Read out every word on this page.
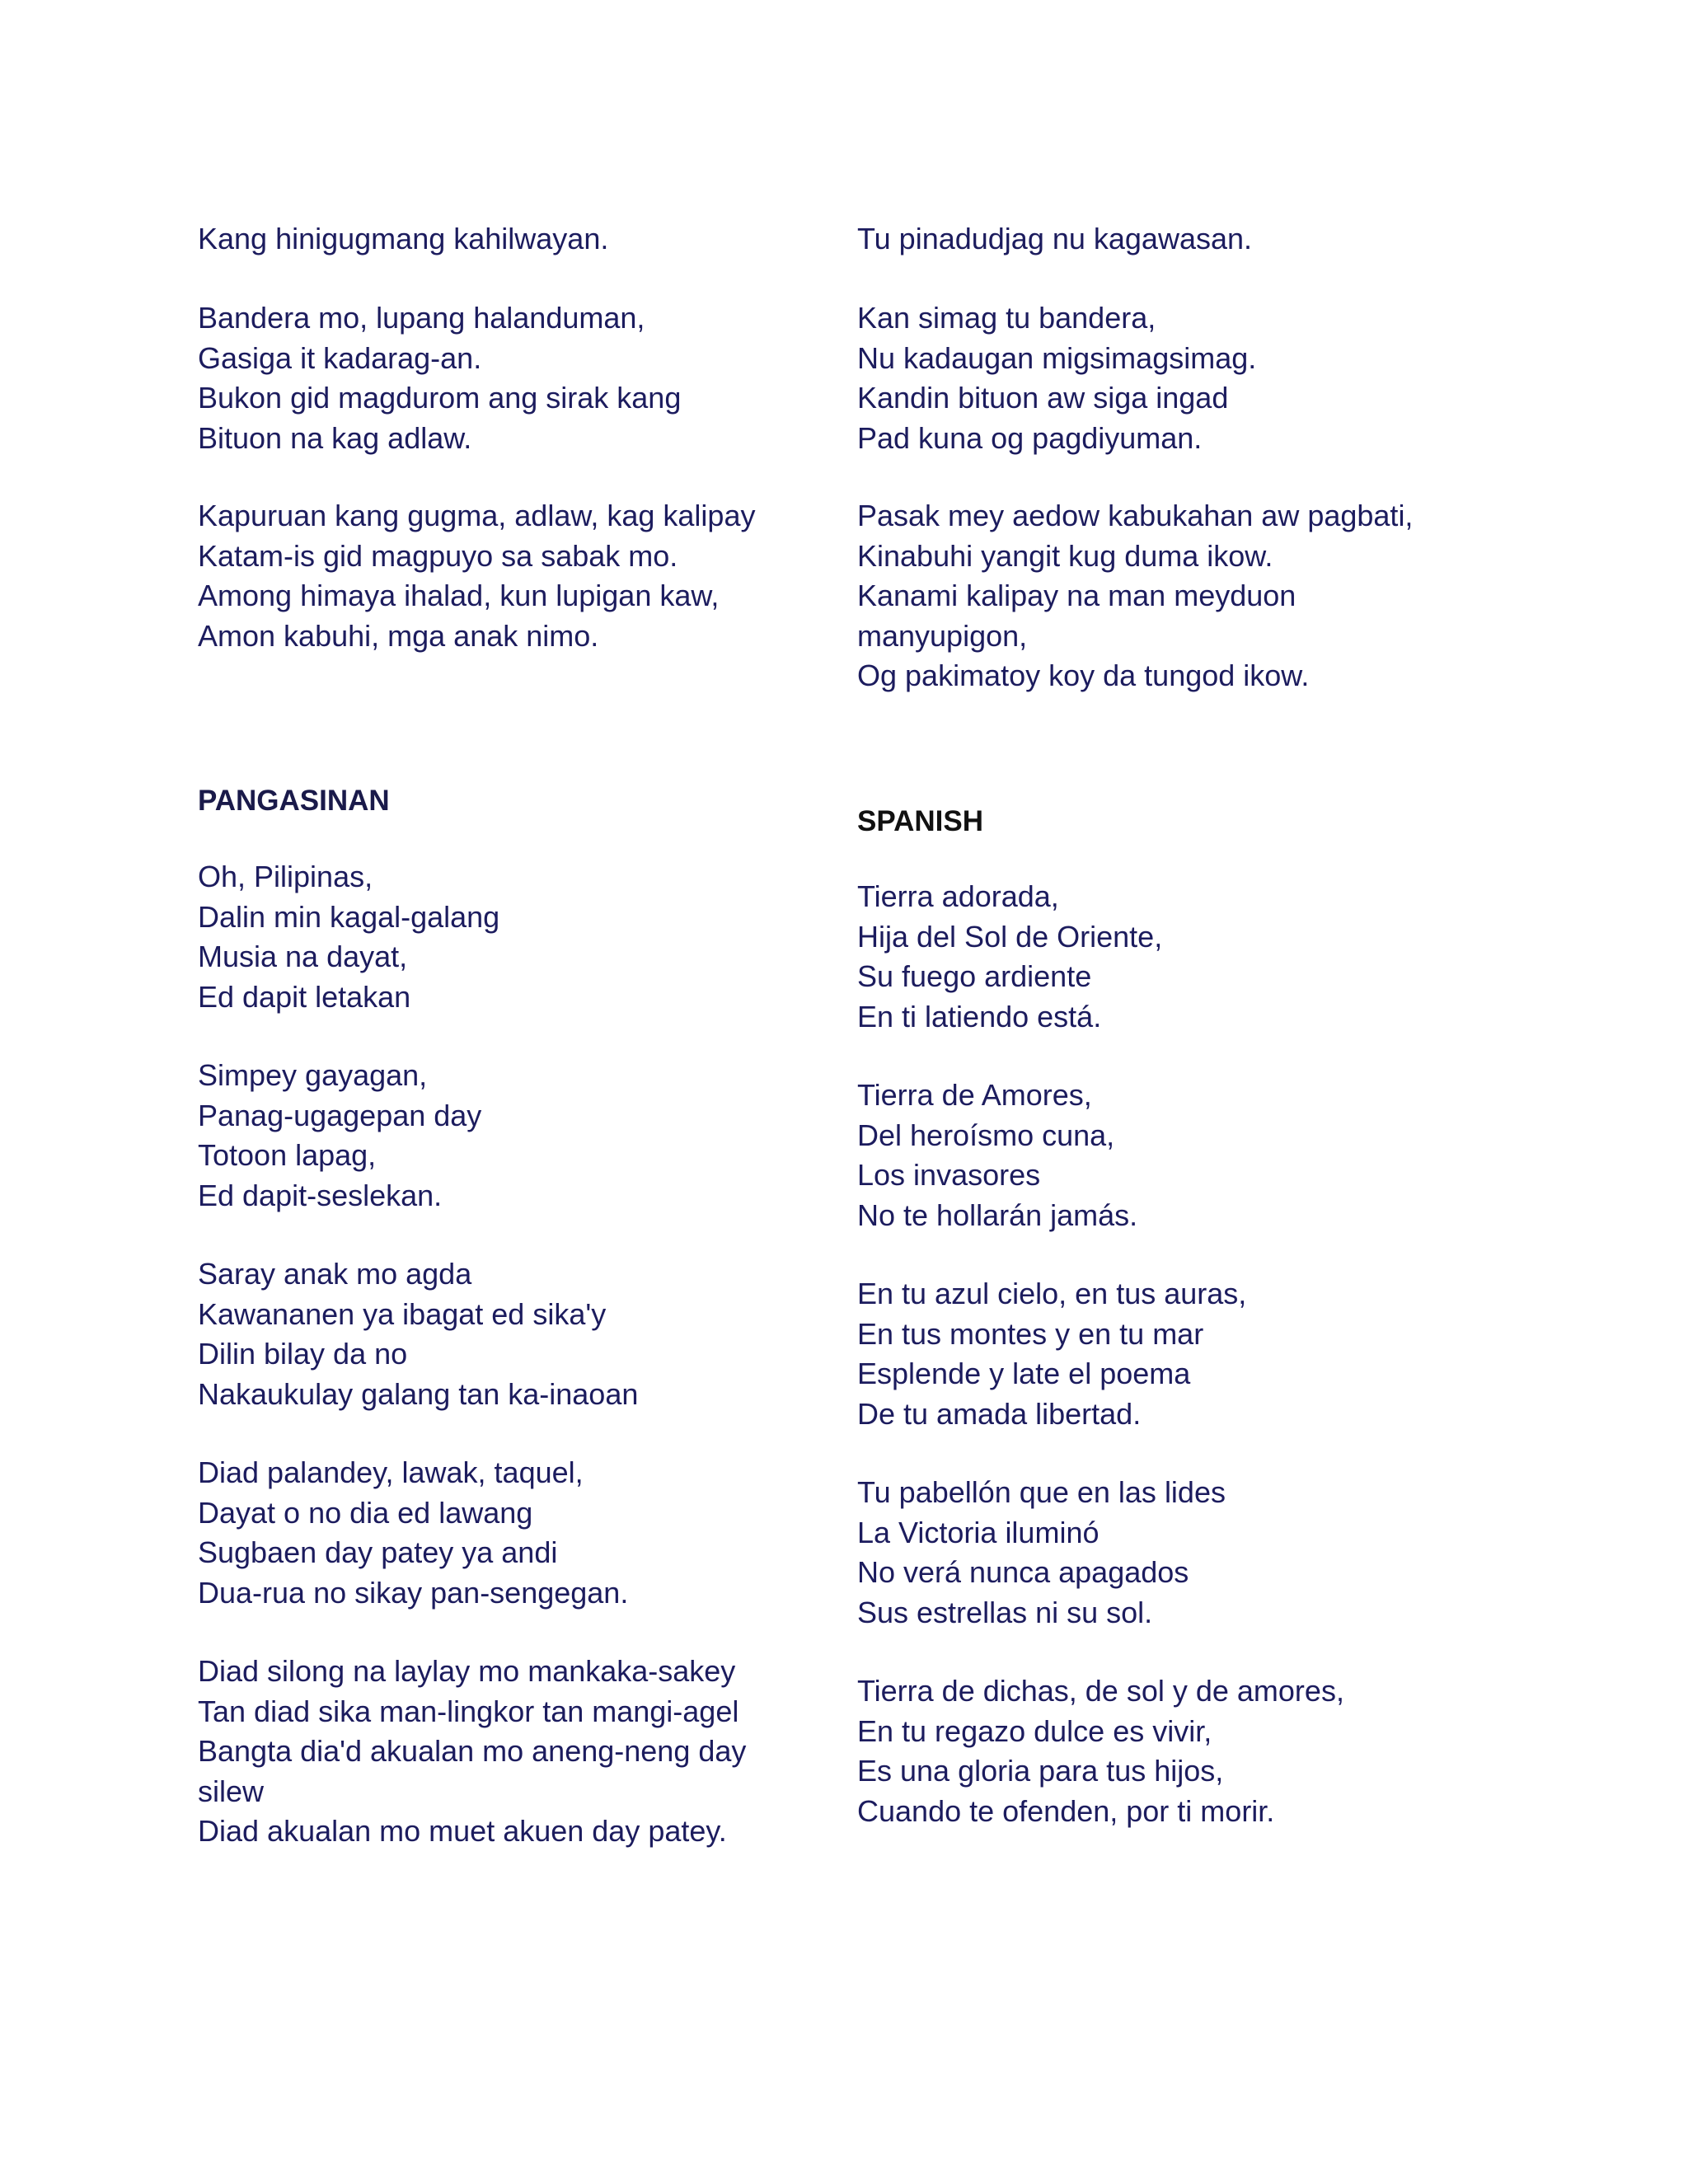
Kang hinigugmang kahilwayan.
Bandera mo, lupang halanduman,
Gasiga it kadarag-an.
Bukon gid magdurom ang sirak kang
Bituon na kag adlaw.
Kapuruan kang gugma, adlaw, kag kalipay
Katam-is gid magpuyo sa sabak mo.
Among himaya ihalad, kun lupigan kaw,
Amon kabuhi, mga anak nimo.
PANGASINAN
Oh, Pilipinas,
Dalin min kagal-galang
Musia na dayat,
Ed dapit letakan
Simpey gayagan,
Panag-ugagepan day
Totoon lapag,
Ed dapit-seslekan.
Saray anak mo agda
Kawananen ya ibagat ed sika'y
Dilin bilay da no
Nakaukulay galang tan ka-inaoan
Diad palandey, lawak, taquel,
Dayat o no dia ed lawang
Sugbaen day patey ya andi
Dua-rua no sikay pan-sengegan.
Diad silong na laylay mo mankaka-sakey
Tan diad sika man-lingkor tan mangi-agel
Bangta dia'd akualan mo aneng-neng day
silew
Diad akualan mo muet akuen day patey.
Tu pinadudjag nu kagawasan.
Kan simag tu bandera,
Nu kadaugan migsimagsimag.
Kandin bituon aw siga ingad
Pad kuna og pagdiyuman.
Pasak mey aedow kabukahan aw pagbati,
Kinabuhi yangit kug duma ikow.
Kanami kalipay na man meyduon
manyupigon,
Og pakimatoy koy da tungod ikow.
SPANISH
Tierra adorada,
Hija del Sol de Oriente,
Su fuego ardiente
En ti latiendo está.
Tierra de Amores,
Del heroísmo cuna,
Los invasores
No te hollarán jamás.
En tu azul cielo, en tus auras,
En tus montes y en tu mar
Esplende y late el poema
De tu amada libertad.
Tu pabellón que en las lides
La Victoria iluminó
No verá nunca apagados
Sus estrellas ni su sol.
Tierra de dichas, de sol y de amores,
En tu regazo dulce es vivir,
Es una gloria para tus hijos,
Cuando te ofenden, por ti morir.
